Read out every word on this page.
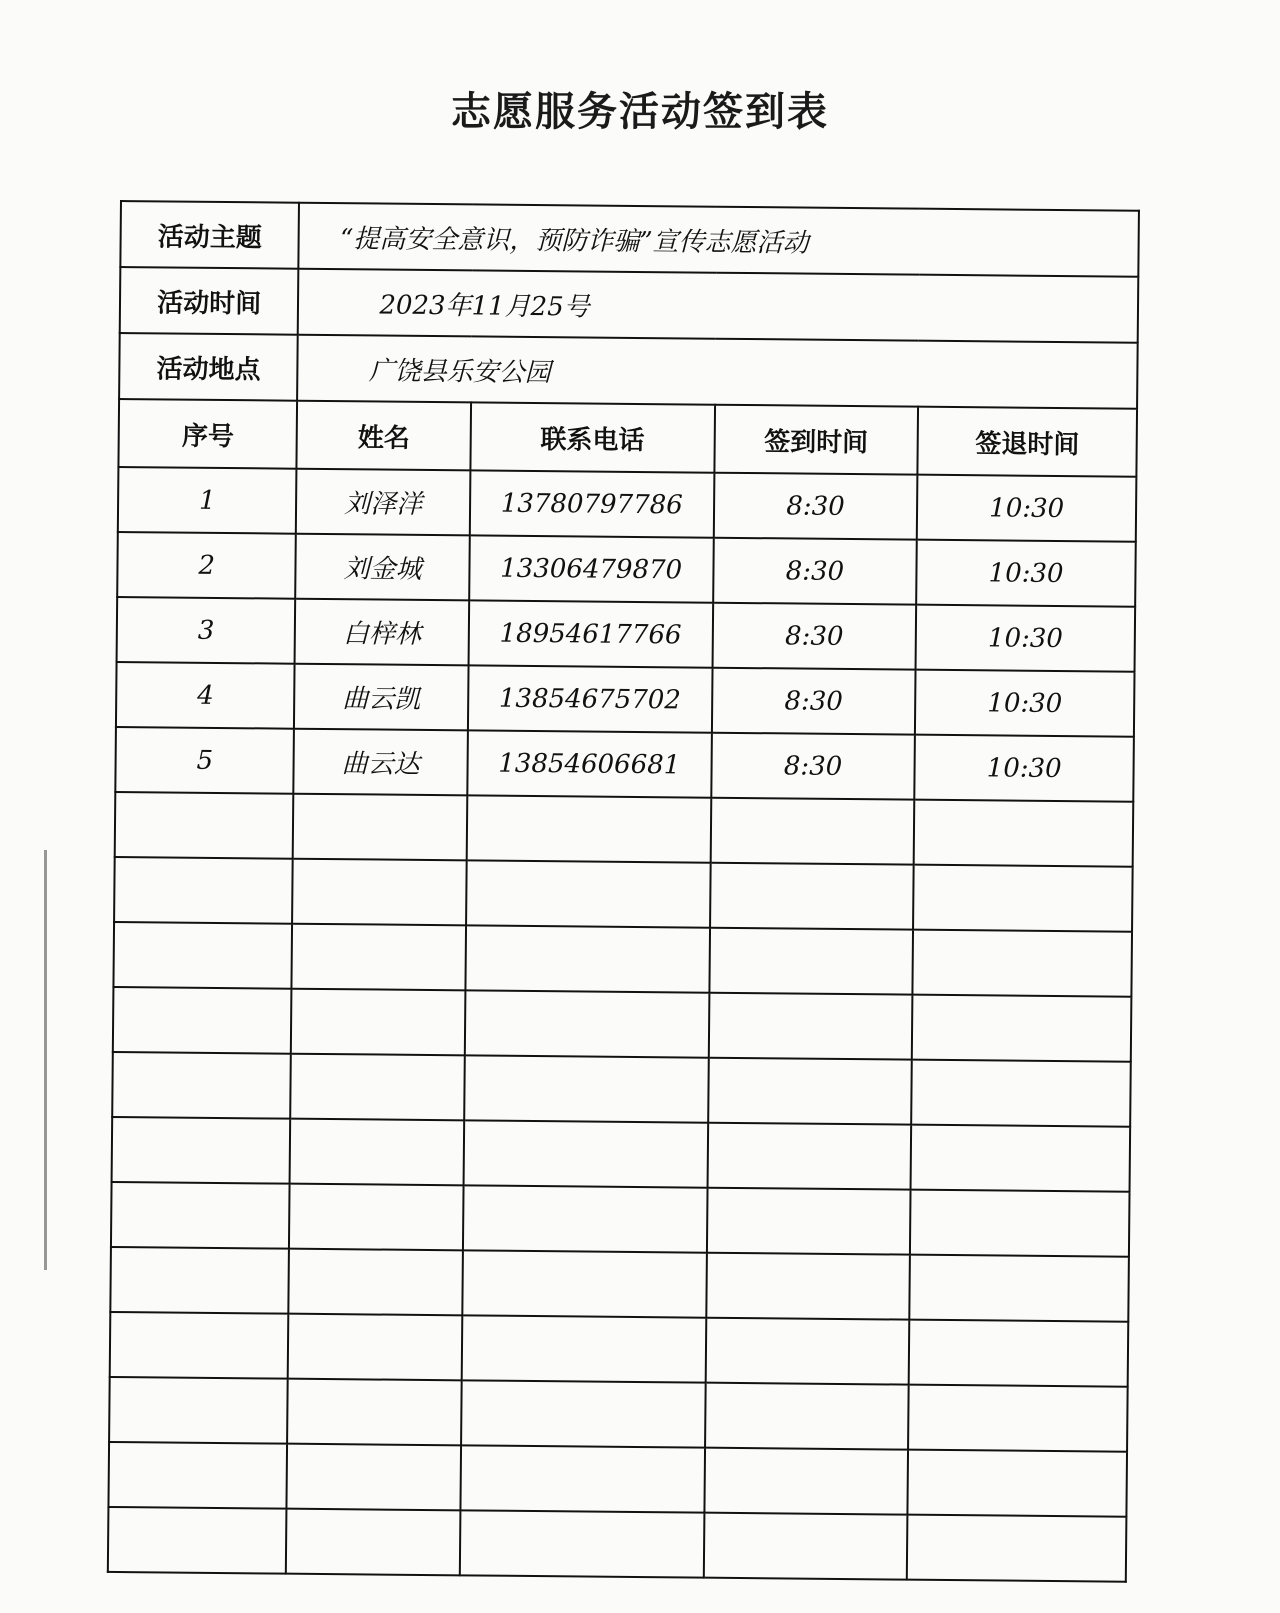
志愿服务活动签到表
活动主题	“提高安全意识，预防诈骗”宣传志愿活动			
活动时间	2023年11月25号			
活动地点	广饶县乐安公园			
序号	姓名	联系电话	签到时间	签退时间
1	刘泽洋	13780797786	8:30	10:30
2	刘金城	13306479870	8:30	10:30
3	白梓林	18954617766	8:30	10:30
4	曲云凯	13854675702	8:30	10:30
5	曲云达	13854606681	8:30	10:30
